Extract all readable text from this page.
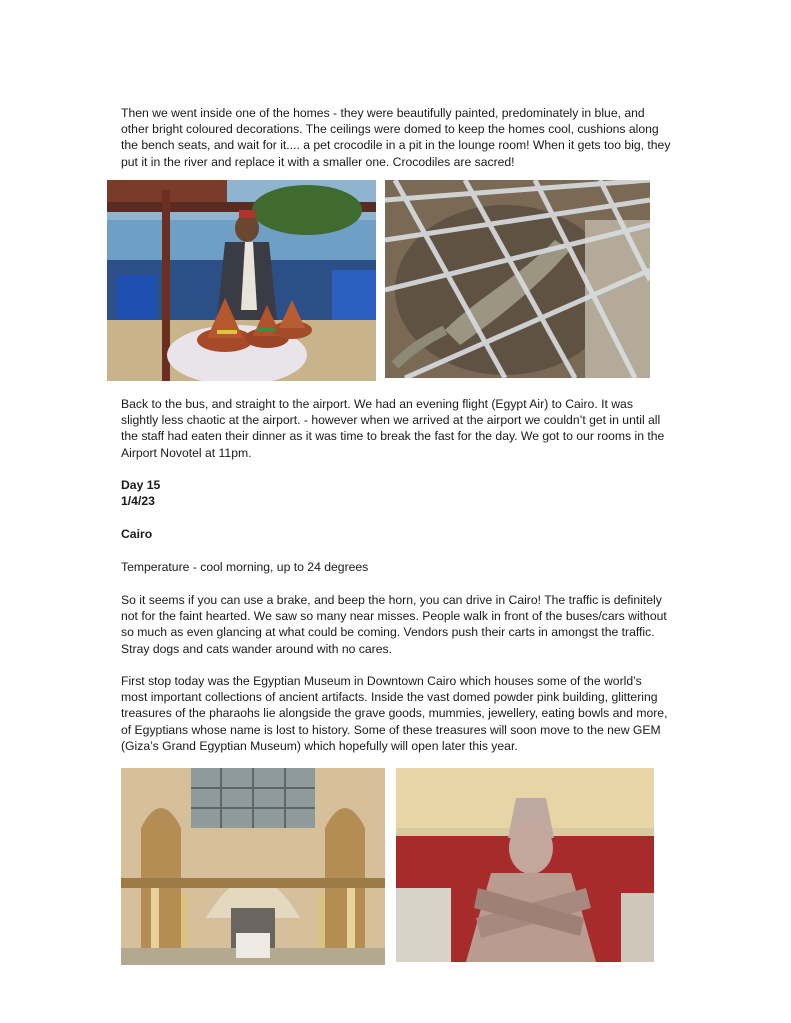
Then we went inside one of the homes - they were beautifully painted, predominately in blue, and other bright coloured decorations. The ceilings were domed to keep the homes cool, cushions along the bench seats, and wait for it.... a pet crocodile in a pit in the lounge room! When it gets too big, they put it in the river and replace it with a smaller one. Crocodiles are sacred!

Back to the bus, and straight to the airport. We had an evening flight (Egypt Air) to Cairo. It was slightly less chaotic at the airport. - however when we arrived at the airport we couldn’t get in until all the staff had eaten their dinner as it was time to break the fast for the day. We got to our rooms in the Airport Novotel at 11pm.

Day 15

1/4/23

Cairo

Temperature - cool morning, up to 24 degrees

So it seems if you can use a brake, and beep the horn, you can drive in Cairo! The traffic is definitely not for the faint hearted. We saw so many near misses. People walk in front of the buses/cars without so much as even glancing at what could be coming. Vendors push their carts in amongst the traffic. Stray dogs and cats wander around with no cares.

First stop today was the Egyptian Museum in Downtown Cairo which houses some of the world’s most important collections of ancient artifacts. Inside the vast domed powder pink building, glittering treasures of the pharaohs lie alongside the grave goods, mummies, jewellery, eating bowls and more, of Egyptians whose name is lost to history. Some of these treasures will soon move to the new GEM (Giza’s Grand Egyptian Museum) which hopefully will open later this year.
